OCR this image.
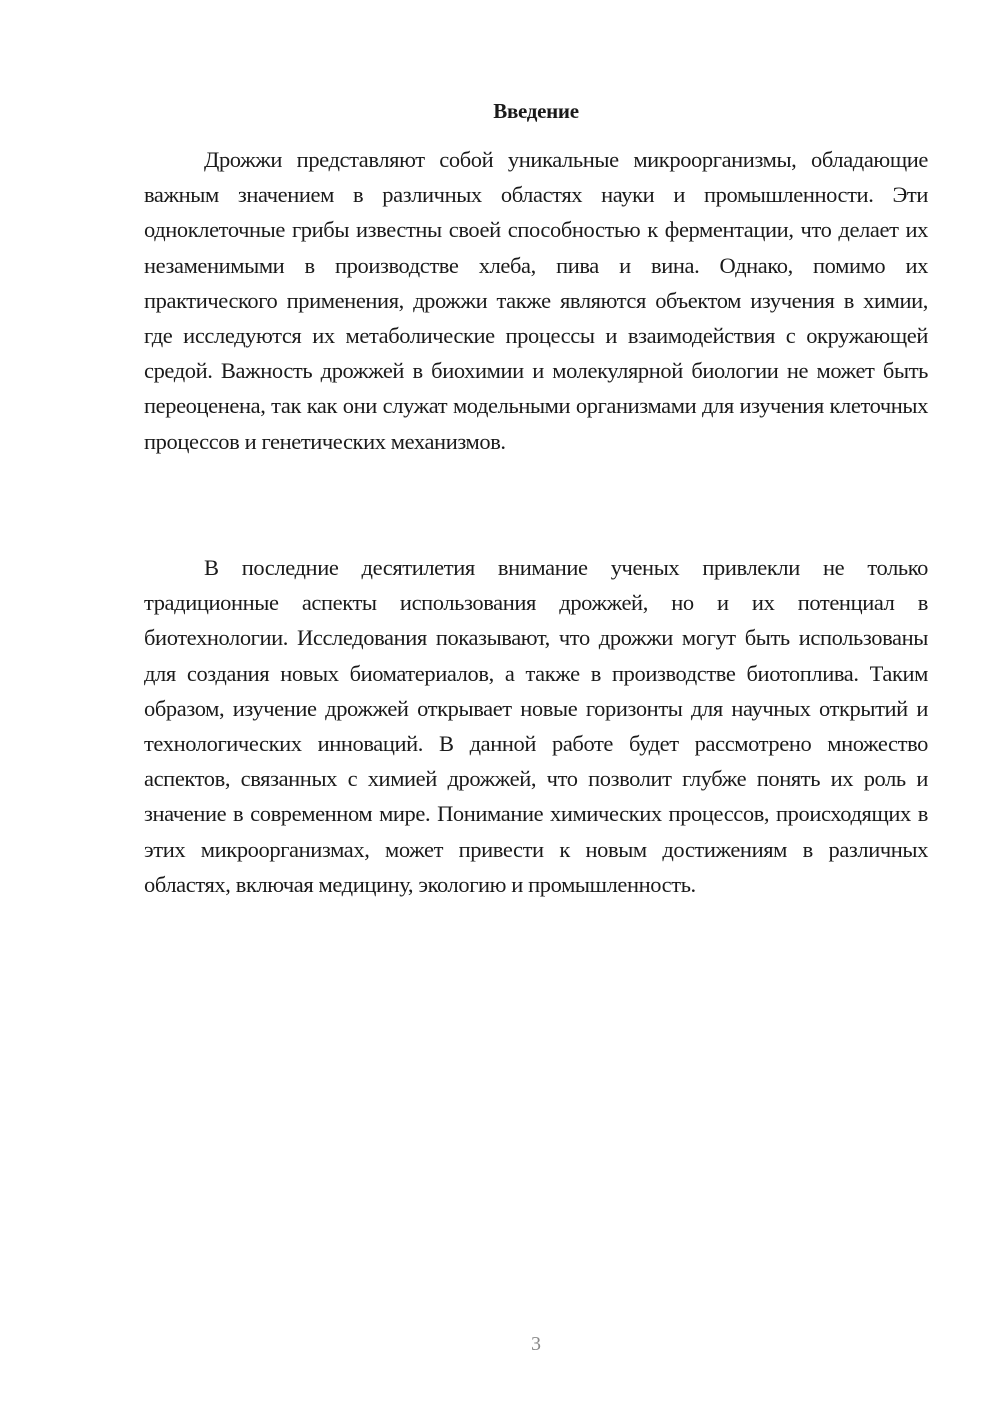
Введение

Дрожжи представляют собой уникальные микроорганизмы, обладающие важным значением в различных областях науки и промышленности. Эти одноклеточные грибы известны своей способностью к ферментации, что делает их незаменимыми в производстве хлеба, пива и вина. Однако, помимо их практического применения, дрожжи также являются объектом изучения в химии, где исследуются их метаболические процессы и взаимодействия с окружающей средой. Важность дрожжей в биохимии и молекулярной биологии не может быть переоценена, так как они служат модельными организмами для изучения клеточных процессов и генетических механизмов.

В последние десятилетия внимание ученых привлекли не только традиционные аспекты использования дрожжей, но и их потенциал в биотехнологии. Исследования показывают, что дрожжи могут быть использованы для создания новых биоматериалов, а также в производстве биотоплива. Таким образом, изучение дрожжей открывает новые горизонты для научных открытий и технологических инноваций. В данной работе будет рассмотрено множество аспектов, связанных с химией дрожжей, что позволит глубже понять их роль и значение в современном мире. Понимание химических процессов, происходящих в этих микроорганизмах, может привести к новым достижениям в различных областях, включая медицину, экологию и промышленность.

3
